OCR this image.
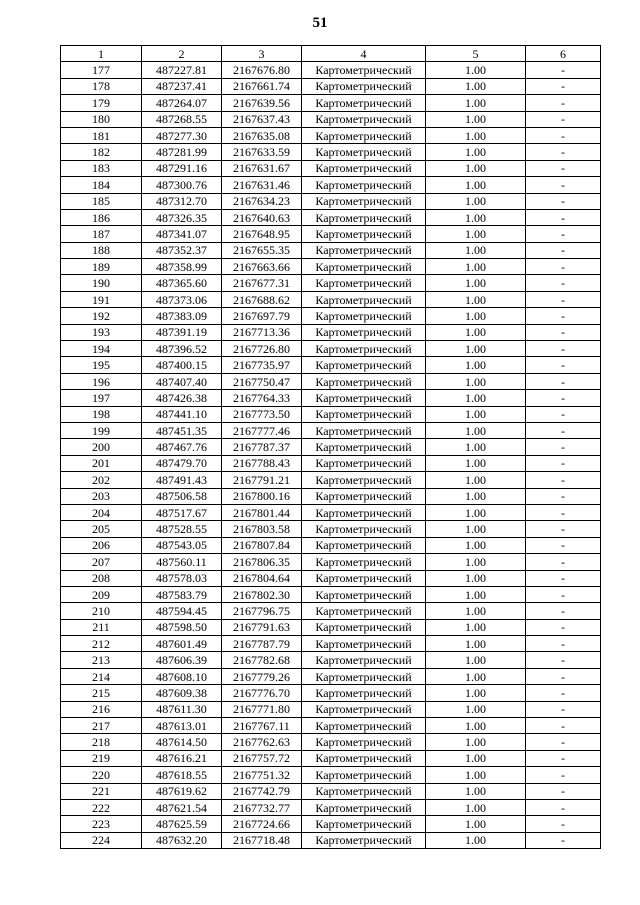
51
1	2	3	4	5	6
177	487227.81	2167676.80	Картометрический	1.00	-
178	487237.41	2167661.74	Картометрический	1.00	-
179	487264.07	2167639.56	Картометрический	1.00	-
180	487268.55	2167637.43	Картометрический	1.00	-
181	487277.30	2167635.08	Картометрический	1.00	-
182	487281.99	2167633.59	Картометрический	1.00	-
183	487291.16	2167631.67	Картометрический	1.00	-
184	487300.76	2167631.46	Картометрический	1.00	-
185	487312.70	2167634.23	Картометрический	1.00	-
186	487326.35	2167640.63	Картометрический	1.00	-
187	487341.07	2167648.95	Картометрический	1.00	-
188	487352.37	2167655.35	Картометрический	1.00	-
189	487358.99	2167663.66	Картометрический	1.00	-
190	487365.60	2167677.31	Картометрический	1.00	-
191	487373.06	2167688.62	Картометрический	1.00	-
192	487383.09	2167697.79	Картометрический	1.00	-
193	487391.19	2167713.36	Картометрический	1.00	-
194	487396.52	2167726.80	Картометрический	1.00	-
195	487400.15	2167735.97	Картометрический	1.00	-
196	487407.40	2167750.47	Картометрический	1.00	-
197	487426.38	2167764.33	Картометрический	1.00	-
198	487441.10	2167773.50	Картометрический	1.00	-
199	487451.35	2167777.46	Картометрический	1.00	-
200	487467.76	2167787.37	Картометрический	1.00	-
201	487479.70	2167788.43	Картометрический	1.00	-
202	487491.43	2167791.21	Картометрический	1.00	-
203	487506.58	2167800.16	Картометрический	1.00	-
204	487517.67	2167801.44	Картометрический	1.00	-
205	487528.55	2167803.58	Картометрический	1.00	-
206	487543.05	2167807.84	Картометрический	1.00	-
207	487560.11	2167806.35	Картометрический	1.00	-
208	487578.03	2167804.64	Картометрический	1.00	-
209	487583.79	2167802.30	Картометрический	1.00	-
210	487594.45	2167796.75	Картометрический	1.00	-
211	487598.50	2167791.63	Картометрический	1.00	-
212	487601.49	2167787.79	Картометрический	1.00	-
213	487606.39	2167782.68	Картометрический	1.00	-
214	487608.10	2167779.26	Картометрический	1.00	-
215	487609.38	2167776.70	Картометрический	1.00	-
216	487611.30	2167771.80	Картометрический	1.00	-
217	487613.01	2167767.11	Картометрический	1.00	-
218	487614.50	2167762.63	Картометрический	1.00	-
219	487616.21	2167757.72	Картометрический	1.00	-
220	487618.55	2167751.32	Картометрический	1.00	-
221	487619.62	2167742.79	Картометрический	1.00	-
222	487621.54	2167732.77	Картометрический	1.00	-
223	487625.59	2167724.66	Картометрический	1.00	-
224	487632.20	2167718.48	Картометрический	1.00	-
